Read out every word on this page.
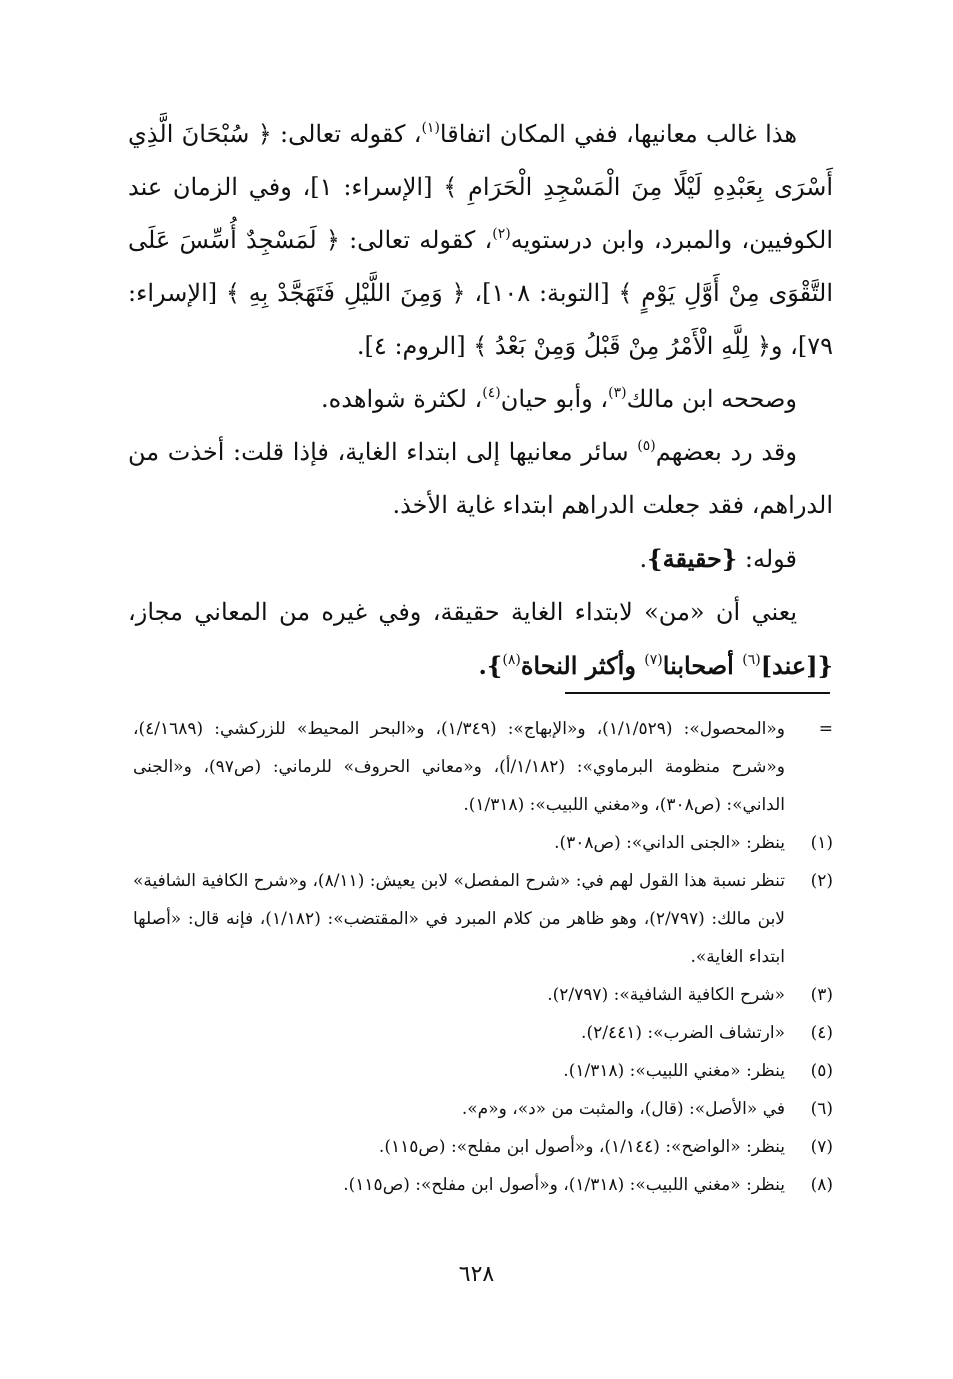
هذا غالب معانيها، ففي المكان اتفاقا$^{(١)}$، كقوله تعالى: ﴿ سُبْحَانَ الَّذِي أَسْرَى بِعَبْدِهِ لَيْلًا مِنَ الْمَسْجِدِ الْحَرَامِ ﴾ [الإسراء: ١]، وفي الزمان عند الكوفيين، والمبرد، وابن درستويه$^{(٢)}$، كقوله تعالى: ﴿ لَمَسْجِدٌ أُسِّسَ عَلَى التَّقْوَى مِنْ أَوَّلِ يَوْمٍ ﴾ [التوبة: ١٠٨]، ﴿ وَمِنَ اللَّيْلِ فَتَهَجَّدْ بِهِ ﴾ [الإسراء: ٧٩]، و﴿ لِلَّهِ الْأَمْرُ مِنْ قَبْلُ وَمِنْ بَعْدُ ﴾ [الروم: ٤].

وصححه ابن مالك$^{(٣)}$، وأبو حيان$^{(٤)}$، لكثرة شواهده.

وقد رد بعضهم$^{(٥)}$ سائر معانيها إلى ابتداء الغاية، فإذا قلت: أخذت من الدراهم، فقد جعلت الدراهم ابتداء غاية الأخذ.

قوله: {حقيقة}.

يعني أن «من» لابتداء الغاية حقيقة، وفي غيره من المعاني مجاز، {[عند]$^{(٦)}$ أصحابنا$^{(٧)}$ وأكثر النحاة$^{(٨)}$}.

=
و«المحصول»: (١/١/٥٢٩)، و«الإبهاج»: (١/٣٤٩)، و«البحر المحيط» للزركشي: (٤/١٦٨٩)، و«شرح منظومة البرماوي»: (١/١٨٢/أ)، و«معاني الحروف» للرماني: (ص٩٧)، و«الجنى الداني»: (ص٣٠٨)، و«مغني اللبيب»: (١/٣١٨).
(١)
ينظر: «الجنى الداني»: (ص٣٠٨).
(٢)
تنظر نسبة هذا القول لهم في: «شرح المفصل» لابن يعيش: (٨/١١)، و«شرح الكافية الشافية» لابن مالك: (٢/٧٩٧)، وهو ظاهر من كلام المبرد في «المقتضب»: (١/١٨٢)، فإنه قال: «أصلها ابتداء الغاية».
(٣)
«شرح الكافية الشافية»: (٢/٧٩٧).
(٤)
«ارتشاف الضرب»: (٢/٤٤١).
(٥)
ينظر: «مغني اللبيب»: (١/٣١٨).
(٦)
في «الأصل»: (قال)، والمثبت من «د»، و«م».
(٧)
ينظر: «الواضح»: (١/١٤٤)، و«أصول ابن مفلح»: (ص١١٥).
(٨)
ينظر: «مغني اللبيب»: (١/٣١٨)، و«أصول ابن مفلح»: (ص١١٥).
٦٢٨
